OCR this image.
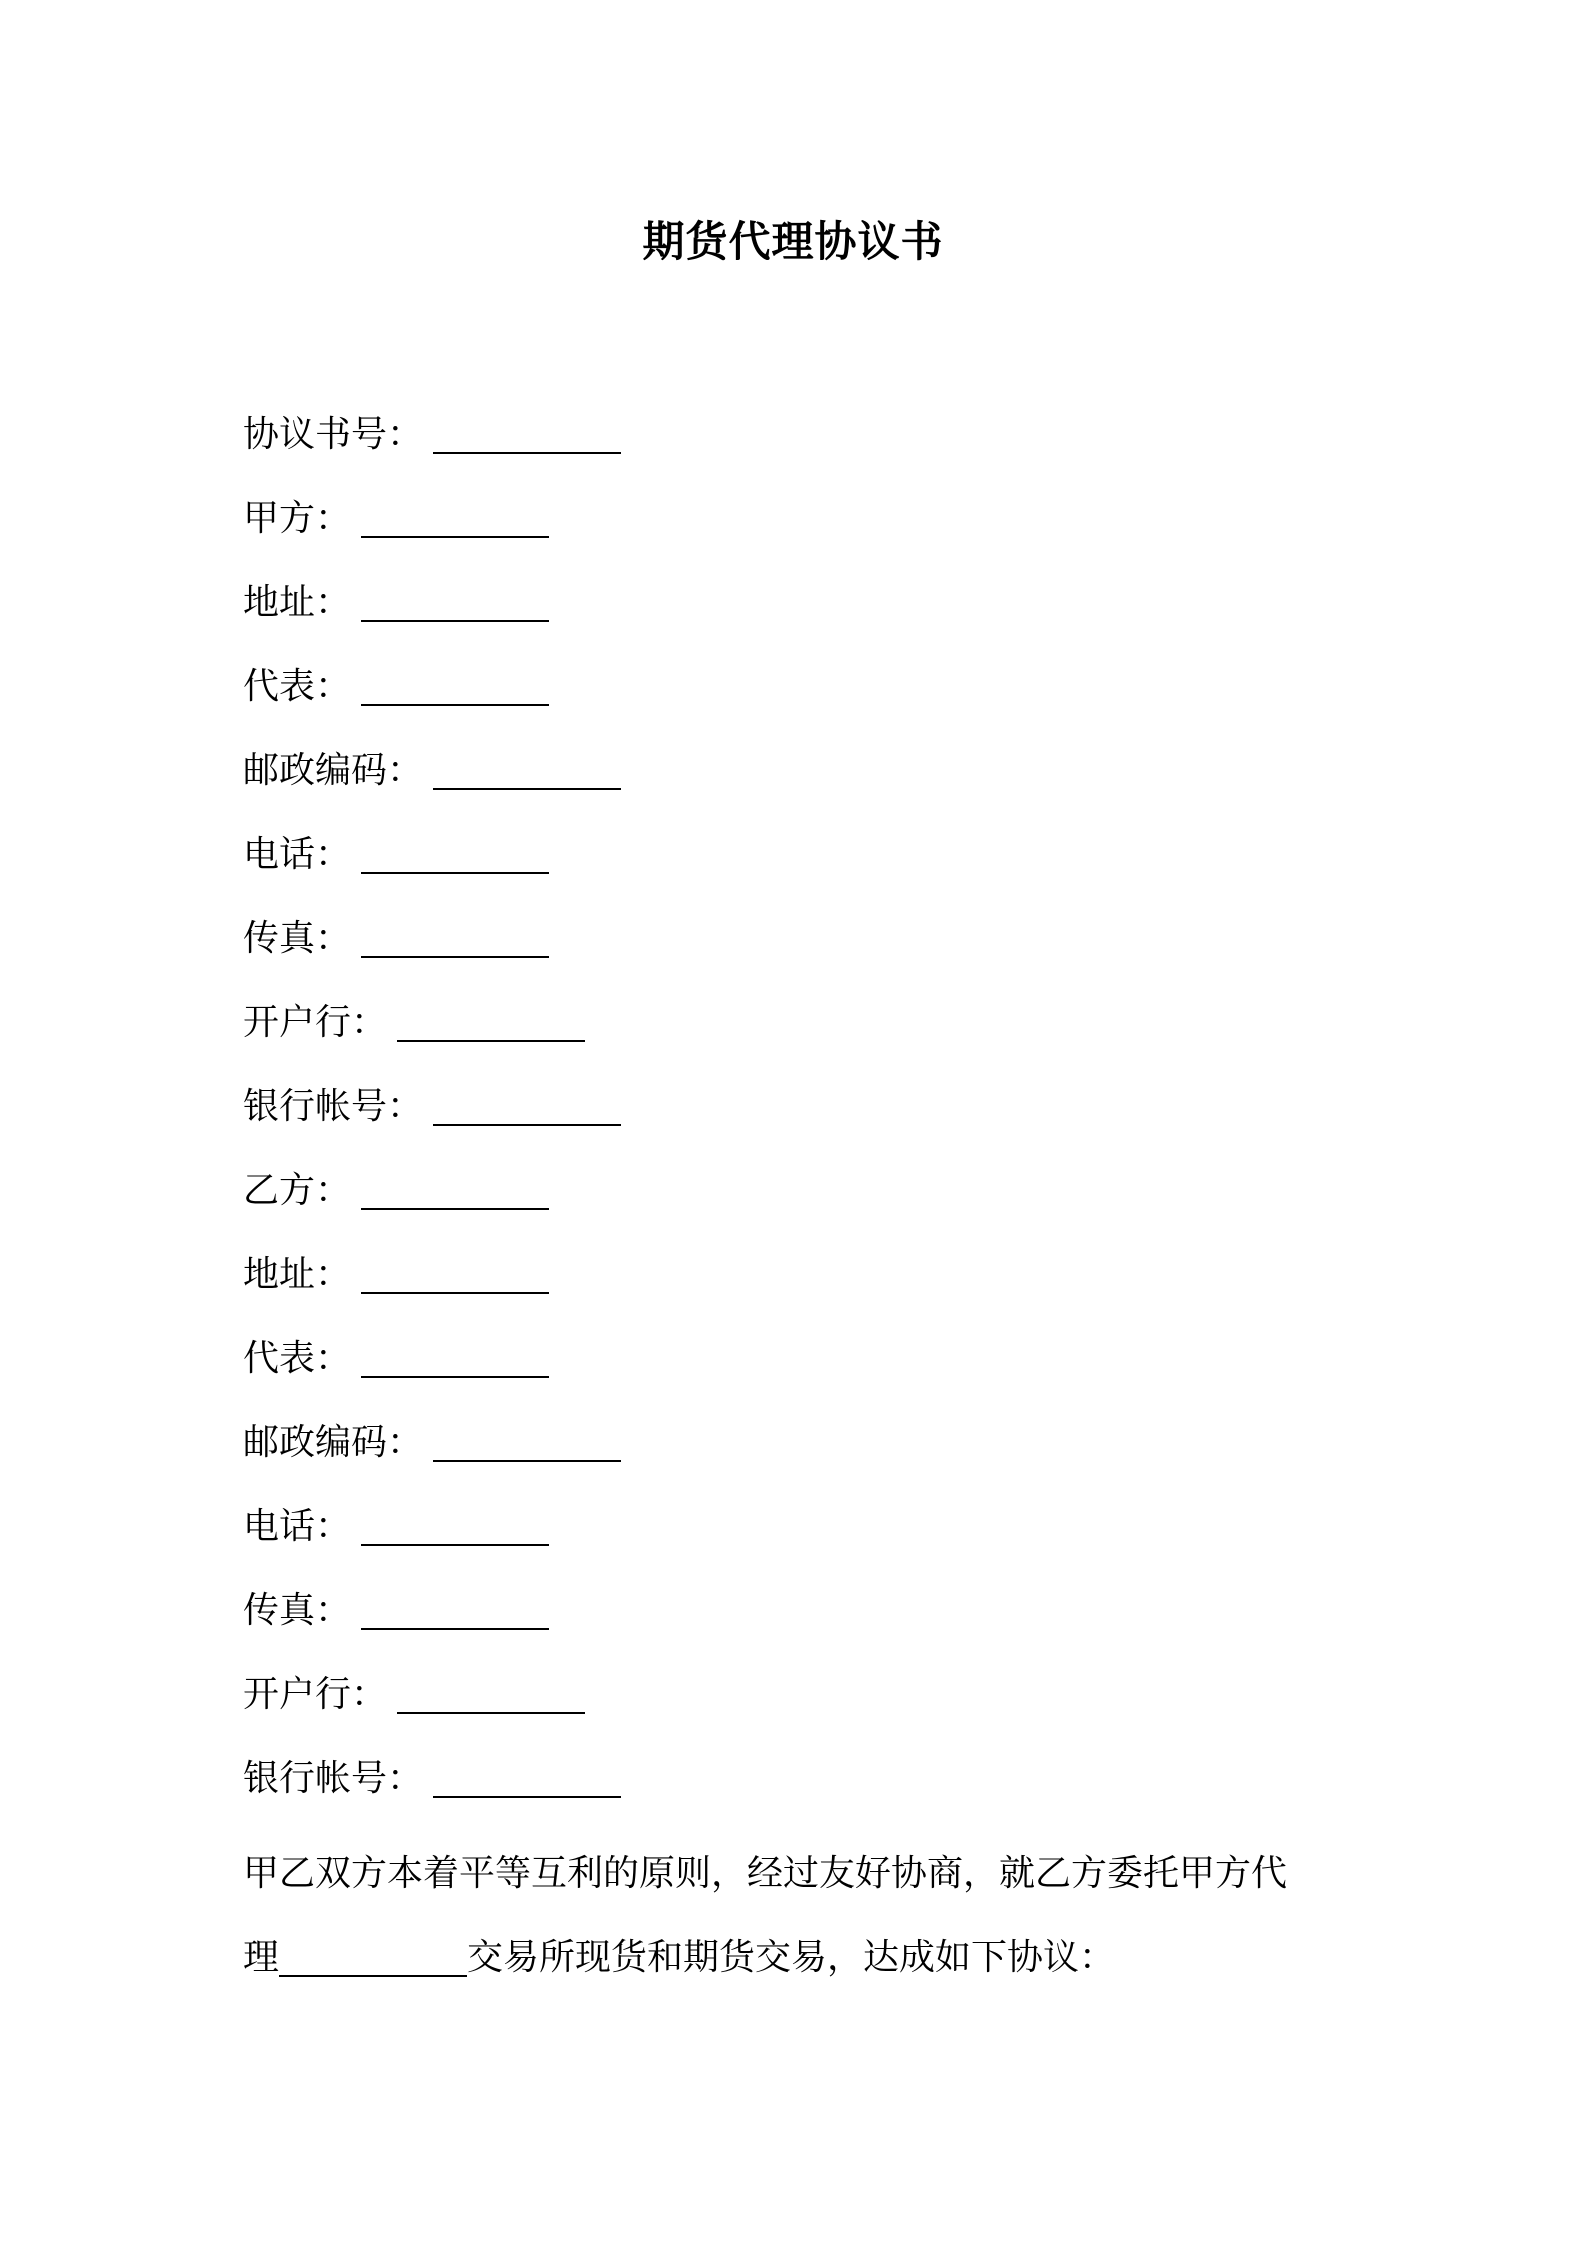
期货代理协议书
协议书号：
甲方：
地址：
代表：
邮政编码：
电话：
传真：
开户行：
银行帐号：
乙方：
地址：
代表：
邮政编码：
电话：
传真：
开户行：
银行帐号：
甲乙双方本着平等互利的原则，经过友好协商，就乙方委托甲方代
理	交易所现货和期货交易，达成如下协议：
